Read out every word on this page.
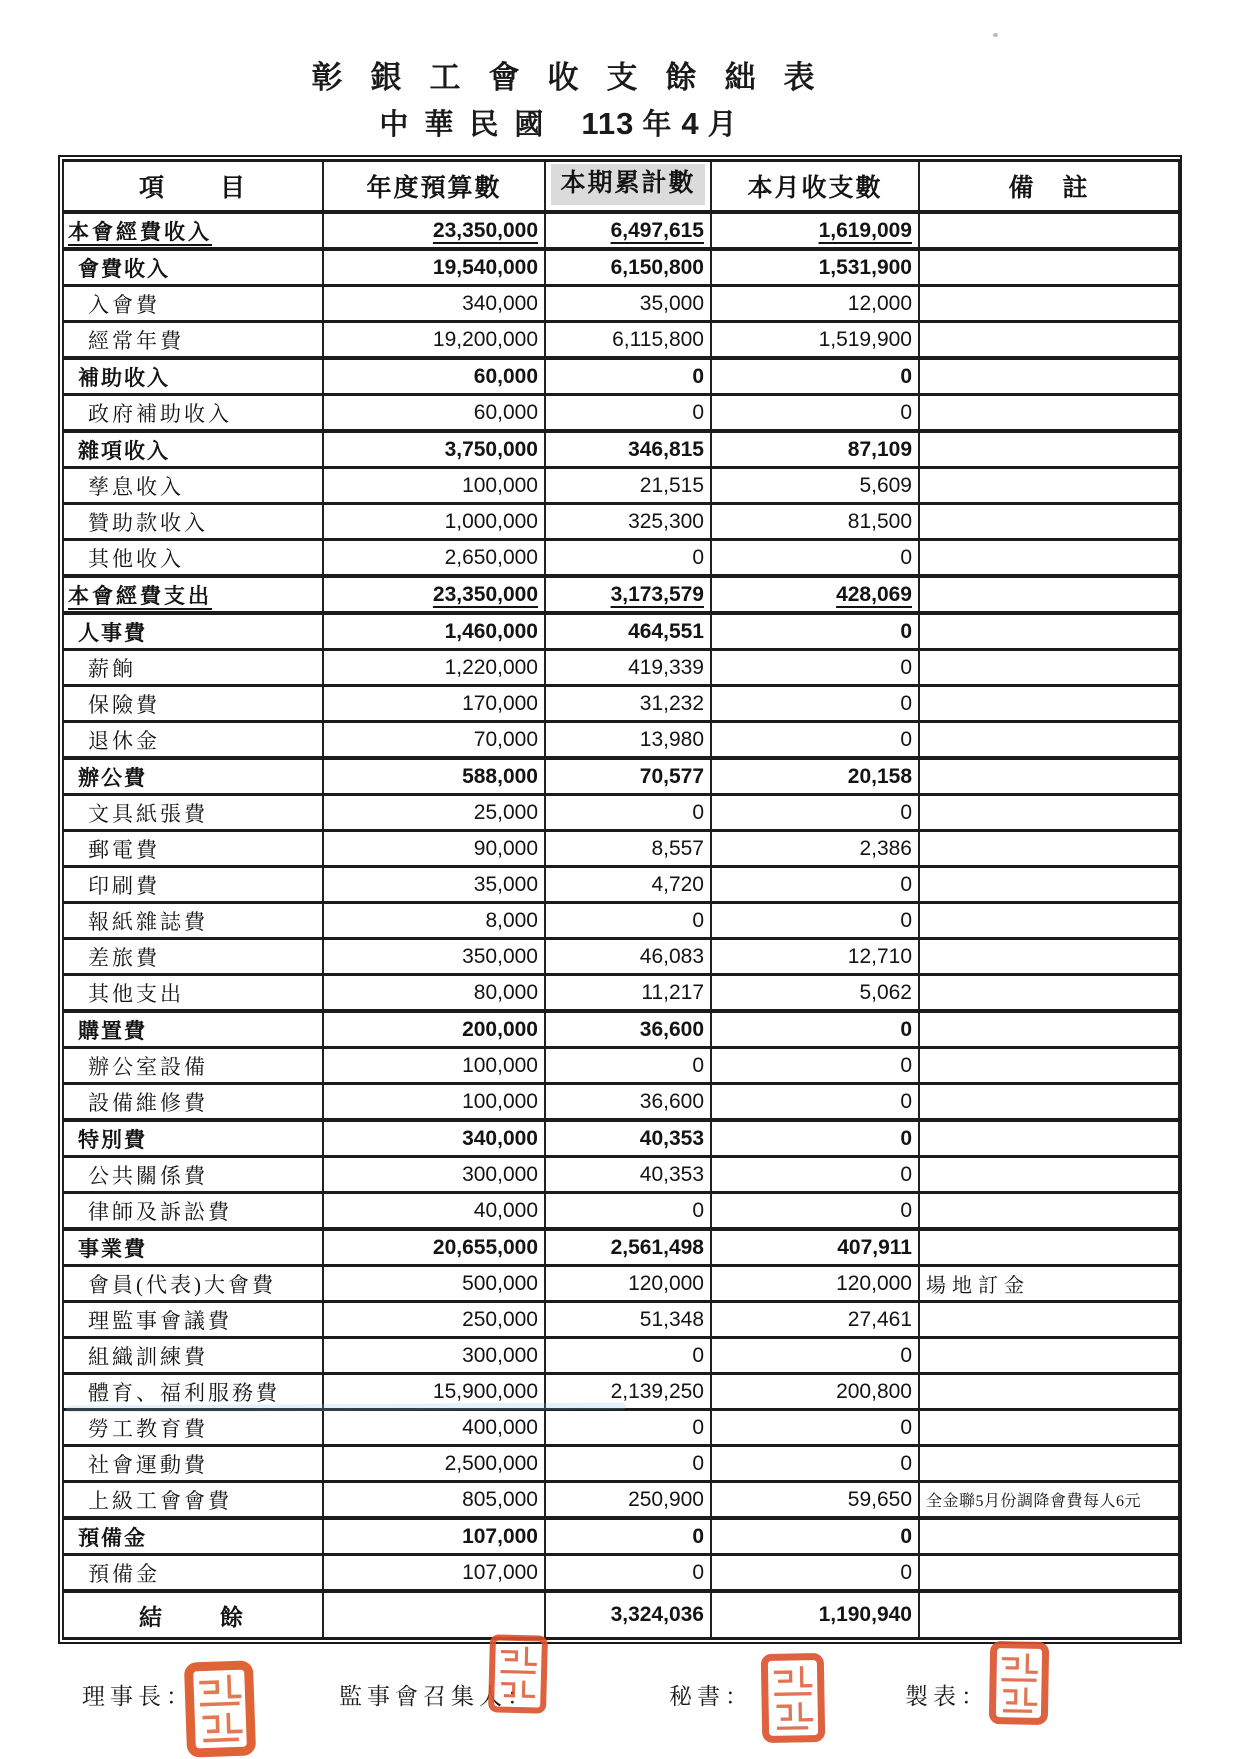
彰銀工會收支餘絀表
中華民國 113 年 4 月
項　　目	年度預算數	本期累計數	本月收支數	備　註
本會經費收入	23,350,000	6,497,615	1,619,009	
會費收入	19,540,000	6,150,800	1,531,900	
入會費	340,000	35,000	12,000	
經常年費	19,200,000	6,115,800	1,519,900	
補助收入	60,000	0	0	
政府補助收入	60,000	0	0	
雜項收入	3,750,000	346,815	87,109	
孳息收入	100,000	21,515	5,609	
贊助款收入	1,000,000	325,300	81,500	
其他收入	2,650,000	0	0	
本會經費支出	23,350,000	3,173,579	428,069	
人事費	1,460,000	464,551	0	
薪餉	1,220,000	419,339	0	
保險費	170,000	31,232	0	
退休金	70,000	13,980	0	
辦公費	588,000	70,577	20,158	
文具紙張費	25,000	0	0	
郵電費	90,000	8,557	2,386	
印刷費	35,000	4,720	0	
報紙雜誌費	8,000	0	0	
差旅費	350,000	46,083	12,710	
其他支出	80,000	11,217	5,062	
購置費	200,000	36,600	0	
辦公室設備	100,000	0	0	
設備維修費	100,000	36,600	0	
特別費	340,000	40,353	0	
公共關係費	300,000	40,353	0	
律師及訴訟費	40,000	0	0	
事業費	20,655,000	2,561,498	407,911	
會員(代表)大會費	500,000	120,000	120,000	場地訂金
理監事會議費	250,000	51,348	27,461	
組織訓練費	300,000	0	0	
體育、福利服務費	15,900,000	2,139,250	200,800	
勞工教育費	400,000	0	0	
社會運動費	2,500,000	0	0	
上級工會會費	805,000	250,900	59,650	全金聯5月份調降會費每人6元
預備金	107,000	0	0	
預備金	107,000	0	0	
結　　餘		3,324,036	1,190,940	
理事長：	監事會召集人：	秘書：	製表：
